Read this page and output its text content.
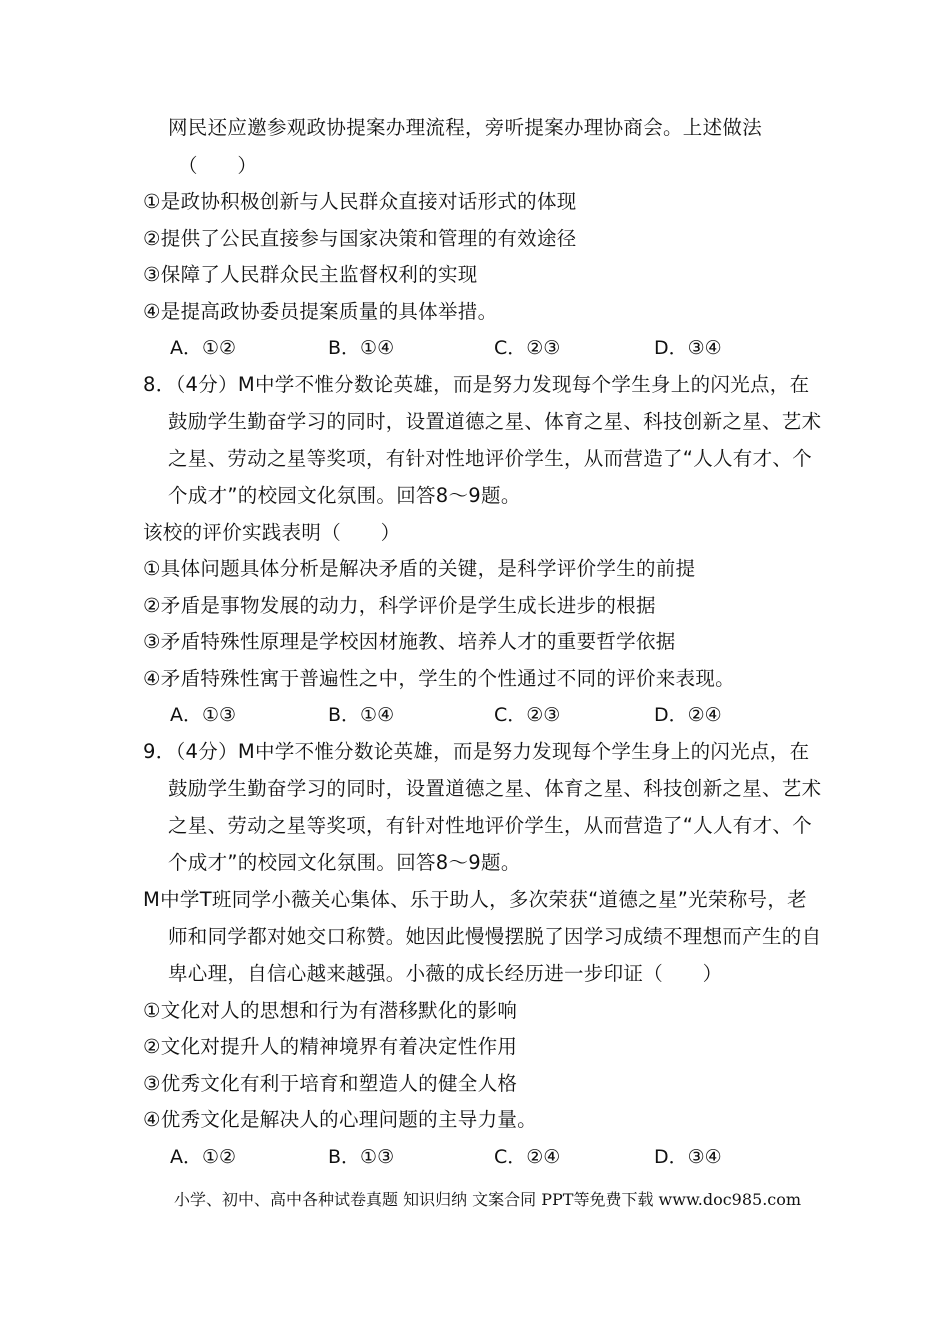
网民还应邀参观政协提案办理流程，旁听提案办理协商会。上述做法
（　　）
①是政协积极创新与人民群众直接对话形式的体现
②提供了公民直接参与国家决策和管理的有效途径
③保障了人民群众民主监督权利的实现
④是提高政协委员提案质量的具体举措。
A．①②	B．①④	C．②③	D．③④
8．（4分）M中学不惟分数论英雄，而是努力发现每个学生身上的闪光点，在
鼓励学生勤奋学习的同时，设置道德之星、体育之星、科技创新之星、艺术
之星、劳动之星等奖项，有针对性地评价学生，从而营造了“人人有才、个
个成才”的校园文化氛围。回答8～9题。
该校的评价实践表明（　　）
①具体问题具体分析是解决矛盾的关键，是科学评价学生的前提
②矛盾是事物发展的动力，科学评价是学生成长进步的根据
③矛盾特殊性原理是学校因材施教、培养人才的重要哲学依据
④矛盾特殊性寓于普遍性之中，学生的个性通过不同的评价来表现。
A．①③	B．①④	C．②③	D．②④
9．（4分）M中学不惟分数论英雄，而是努力发现每个学生身上的闪光点，在
鼓励学生勤奋学习的同时，设置道德之星、体育之星、科技创新之星、艺术
之星、劳动之星等奖项，有针对性地评价学生，从而营造了“人人有才、个
个成才”的校园文化氛围。回答8～9题。
M中学T班同学小薇关心集体、乐于助人，多次荣获“道德之星”光荣称号，老
师和同学都对她交口称赞。她因此慢慢摆脱了因学习成绩不理想而产生的自
卑心理，自信心越来越强。小薇的成长经历进一步印证（　　）
①文化对人的思想和行为有潜移默化的影响
②文化对提升人的精神境界有着决定性作用
③优秀文化有利于培育和塑造人的健全人格
④优秀文化是解决人的心理问题的主导力量。
A．①②	B．①③	C．②④	D．③④
小学、初中、高中各种试卷真题 知识归纳 文案合同 PPT等免费下载 www.doc985.com
